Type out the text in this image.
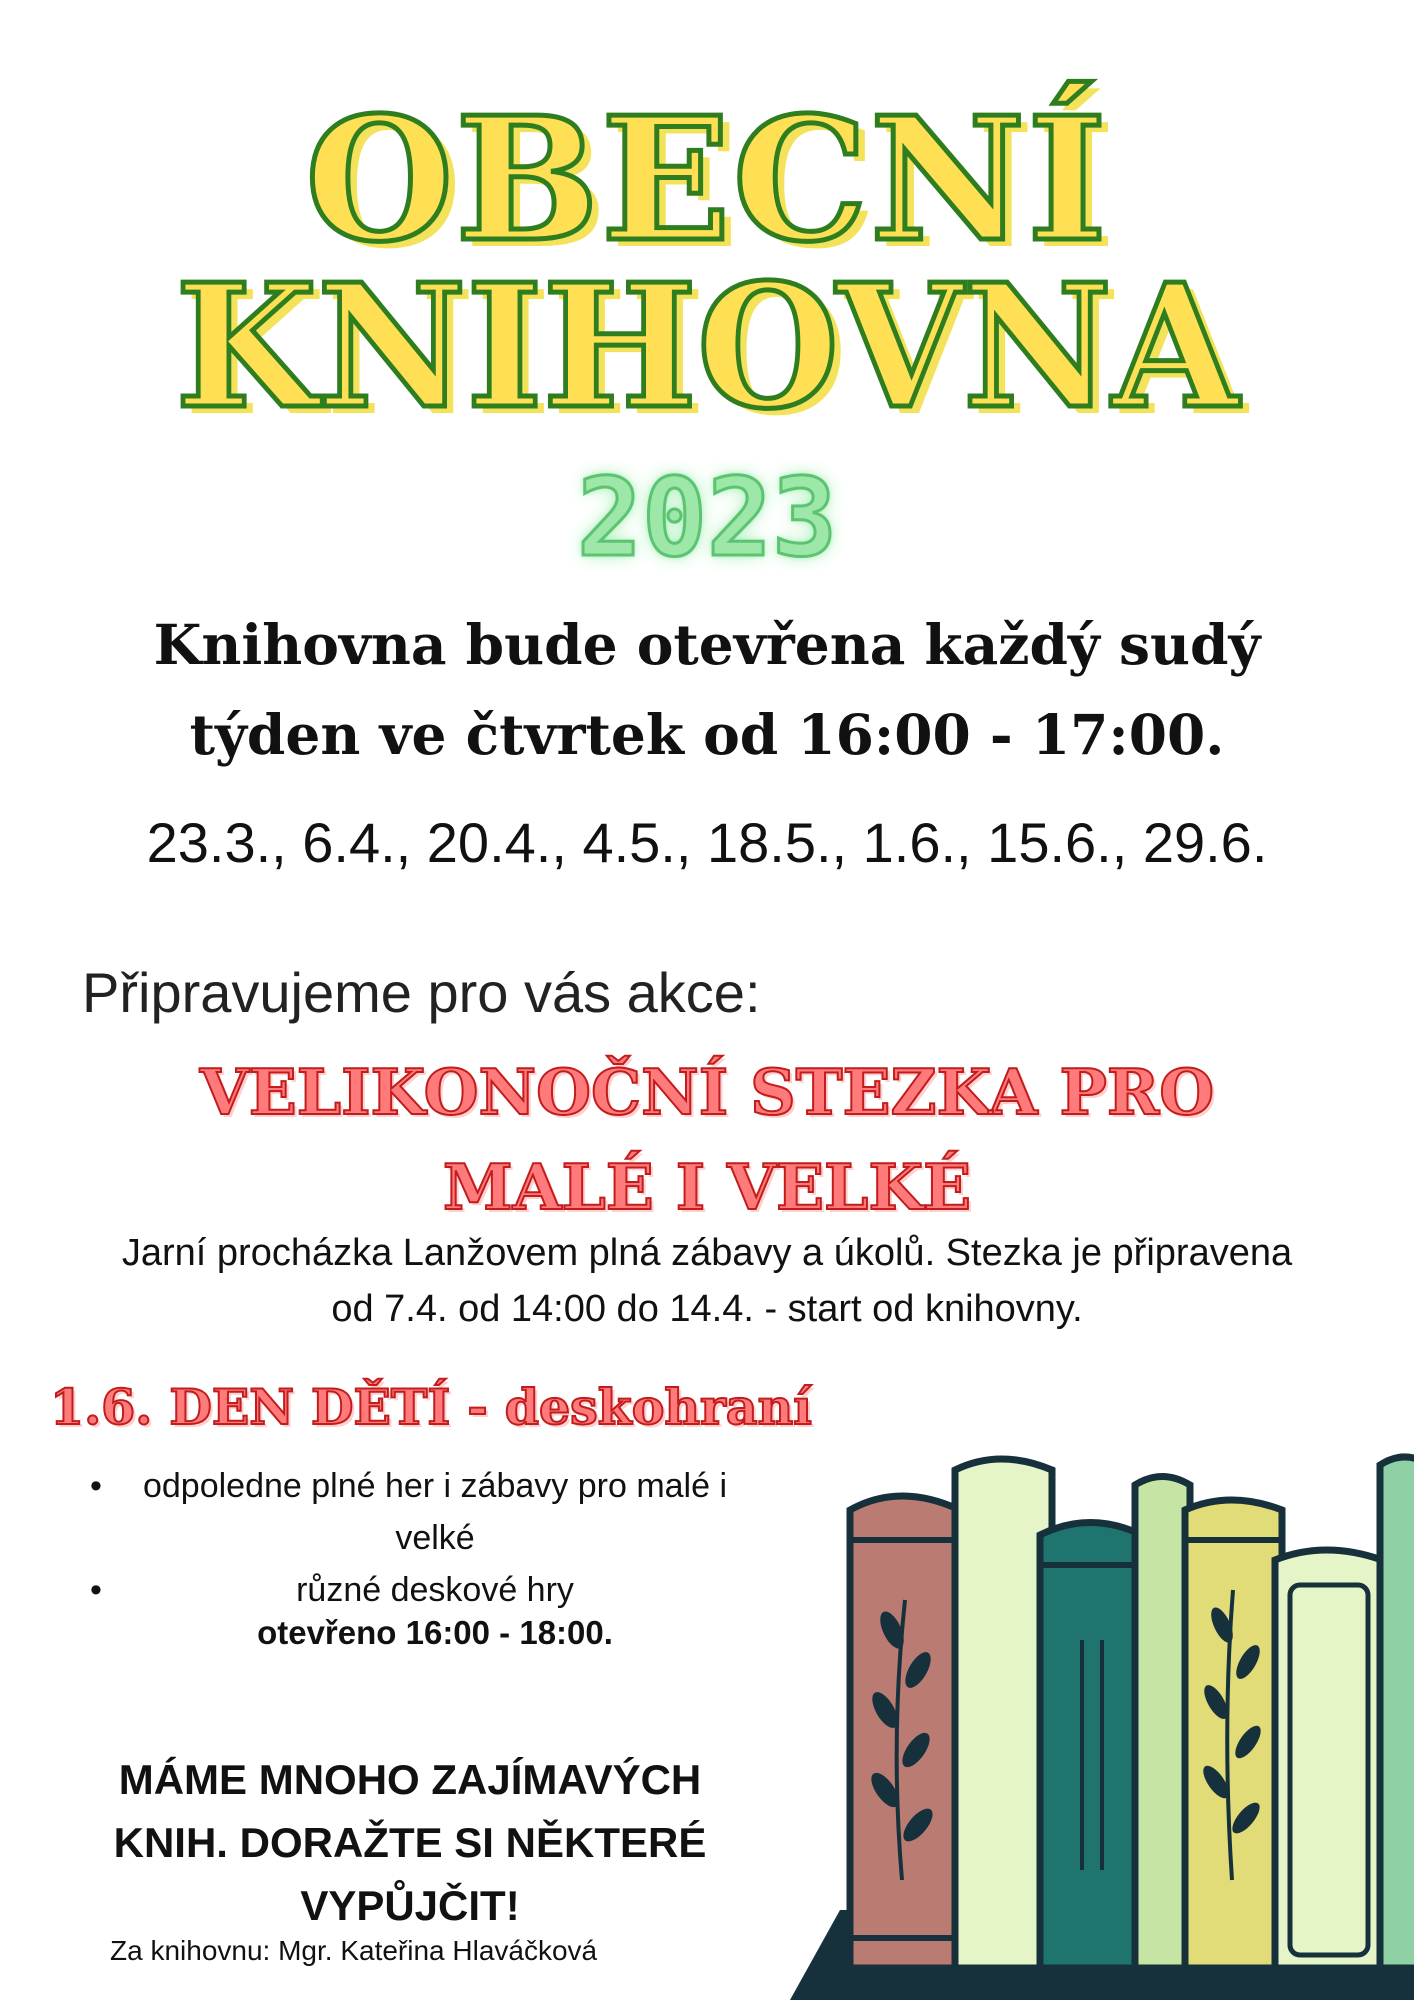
OBECNÍ
KNIHOVNA
2023
Knihovna bude otevřena každý sudý
týden ve čtvrtek od 16:00 - 17:00.
23.3., 6.4., 20.4., 4.5., 18.5., 1.6., 15.6., 29.6.
Připravujeme pro vás akce:
VELIKONOČNÍ STEZKA PRO
MALÉ I VELKÉ
Jarní procházka Lanžovem plná zábavy a úkolů. Stezka je připravena
od 7.4. od 14:00 do 14.4. - start od knihovny.
1.6. DEN DĚTÍ - deskohraní
• odpoledne plné her i zábavy pro malé i velké
•	různé deskové hry
otevřeno 16:00 - 18:00.
MÁME MNOHO ZAJÍMAVÝCH
KNIH. DORAŽTE SI NĚKTERÉ
VYPŮJČIT!
Za knihovnu: Mgr. Kateřina Hlaváčková
